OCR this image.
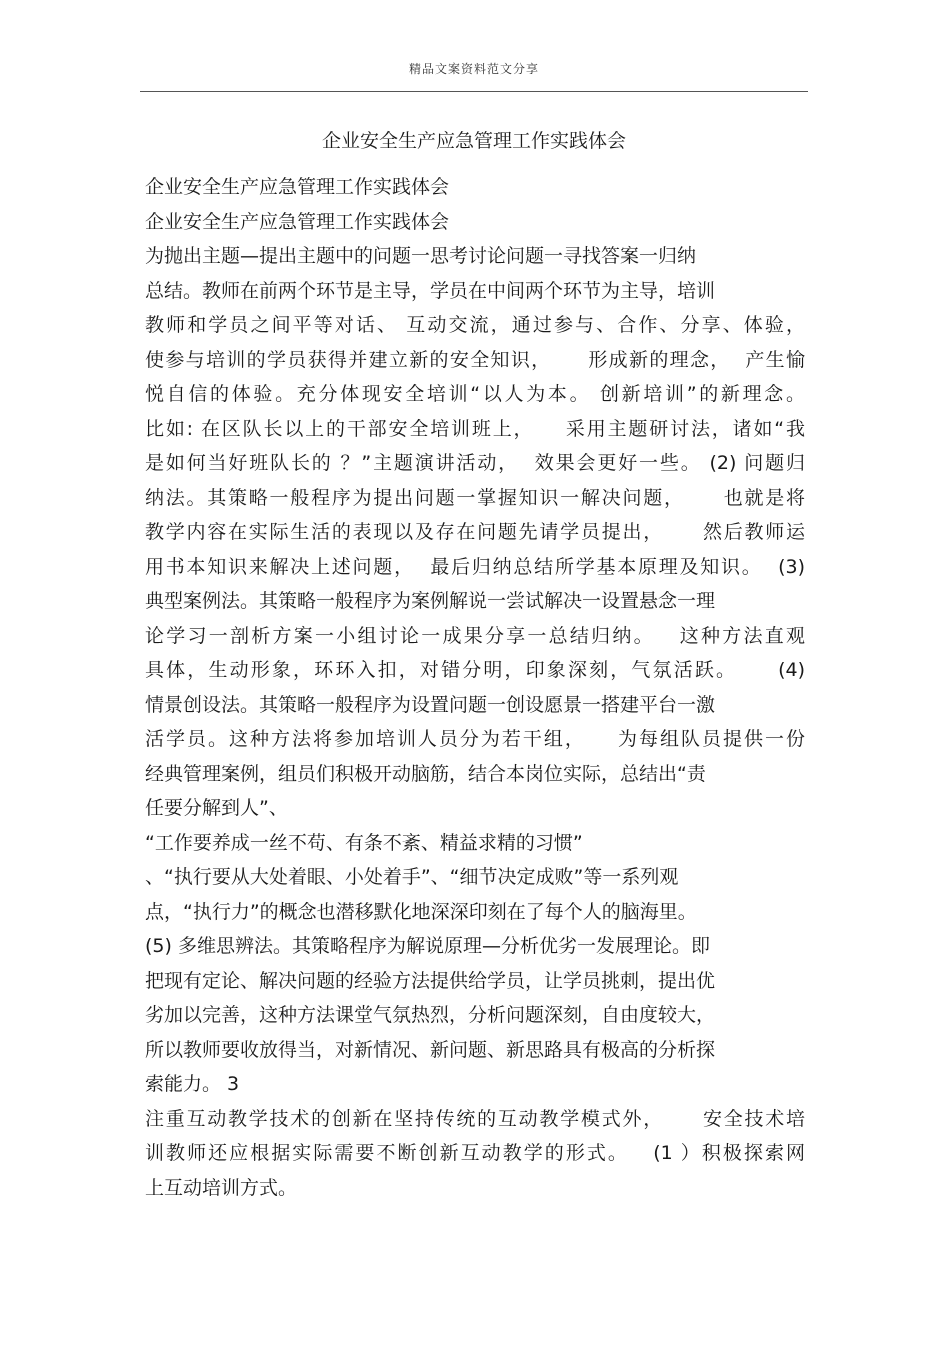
精品文案资料范文分享
企业安全生产应急管理工作实践体会
企业安全生产应急管理工作实践体会
企业安全生产应急管理工作实践体会
为抛出主题—提出主题中的问题一思考讨论问题一寻找答案一归纳
总结。教师在前两个环节是主导，学员在中间两个环节为主导，培训
教师和学员之间平等对话、 互动交流，通过参与、合作、分享、体验，
使参与培训的学员获得并建立新的安全知识，     形成新的理念，  产生愉
悦自信的体验。充分体现安全培训“以人为本。 创新培训”的新理念。
比如: 在区队长以上的干部安全培训班上，    采用主题研讨法，诸如“我
是如何当好班队长的 ？”主题演讲活动，  效果会更好一些。 (2) 问题归
纳法。其策略一般程序为提出问题一掌握知识一解决问题，     也就是将
教学内容在实际生活的表现以及存在问题先请学员提出，     然后教师运
用书本知识来解决上述问题，  最后归纳总结所学基本原理及知识。  (3)
典型案例法。其策略一般程序为案例解说一尝试解决一设置悬念一理
论学习一剖析方案一小组讨论一成果分享一总结归纳。   这种方法直观
具体，生动形象，环环入扣，对错分明，印象深刻，气氛活跃。     (4)
情景创设法。其策略一般程序为设置问题一创设愿景一搭建平台一激
活学员。这种方法将参加培训人员分为若干组，    为每组队员提供一份
经典管理案例，组员们积极开动脑筋，结合本岗位实际，总结出“责
任要分解到人”、
“工作要养成一丝不苟、有条不紊、精益求精的习惯”
、“执行要从大处着眼、小处着手”、“细节决定成败”等一系列观
点，“执行力”的概念也潜移默化地深深印刻在了每个人的脑海里。
(5) 多维思辨法。其策略程序为解说原理—分析优劣一发展理论。即
把现有定论、解决问题的经验方法提供给学员，让学员挑刺，提出优
劣加以完善，这种方法课堂气氛热烈，分析问题深刻，自由度较大，
所以教师要收放得当，对新情况、新问题、新思路具有极高的分析探
索能力。 3
注重互动教学技术的创新在坚持传统的互动教学模式外，     安全技术培
训教师还应根据实际需要不断创新互动教学的形式。   (1 ）积极探索网
上互动培训方式。
